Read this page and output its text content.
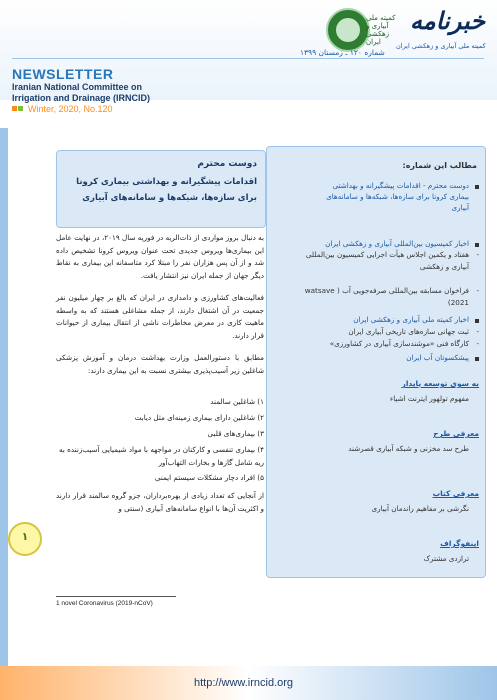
کمیته ملی آبیاری و زهکشی ایران
خبرنامه
کمیته ملی آبیاری و زهکشی ایران
شماره ۱۲۰ ـ زمستان ۱۳۹۹
NEWSLETTER
Iranian National Committee on
Irrigation and Drainage (IRNCID)
Winter, 2020, No.120
۱
مطالب این شماره:
دوست محترم - اقدامات پیشگیرانه و بهداشتی
بیماری کرونا برای سازه‌ها، شبکه‌ها و سامانه‌های
آبیاری
اخبار کمیسیون بین‌المللی آبیاری و زهکشی ایران
-
هفتاد و یکمین اجلاس هیأت اجرایی کمیسیون بین‌المللی
آبیاری و زهکشی
-
فراخوان مسابقه بین‌المللی صرفه‌جویی آب ( watsave
2021)
اخبار کمیته ملی آبیاری و زهکشی ایران
-
ثبت جهانی سازه‌های تاریخی آبیاری ایران
-
کارگاه فنی «موشندسازی آبیاری در کشاورزی»
پیشکسوتان آب ایران
به سوی توسعه پایدار
مفهوم تولهور ایترنت اشیاء
معرفی طرح
طرح سد مخزنی و شبکه آبیاری قصرشند
معرفی کتاب
نگرشی بر مفاهیم راندمان آبیاری
اینفوگراف
ترازدی مشترک
دوست محترم
اقدامات پیشگیرانه و بهداشتی بیماری کرونا
برای سازه‌ها، شبکه‌ها و سامانه‌های آبیاری
به دنبال بروز مواردی از ذات‌الریه در فوریه سال ۲۰۱۹، در نهایت عامل این بیماری‌ها ویروس جدیدی تحت عنوان ویروس کرونا تشخیص داده شد و از آن پس هزاران نفر را مبتلا کرد متاسفانه این بیماری به نقاط دیگر جهان از جمله ایران نیز انتشار یافت.
فعالیت‌های کشاورزی و دامداری در ایران که بالغ بر چهار میلیون نفر جمعیت در آن اشتغال دارند، از جمله مشاغلی هستند که به واسطه ماهیت کاری در معرض مخاطرات ناشی از انتقال بیماری از حیوانات قرار دارند.
مطابق با دستورالعمل وزارت بهداشت درمان و آموزش پزشکی شاغلین زیر آسیب‌پذیری بیشتری نسبت به این بیماری دارند:
۱) شاغلین سالمند
۲) شاغلین دارای بیماری زمینه‌ای مثل دیابت
۳) بیماری‌های قلبی
۴) بیماری تنفسی و کارکنان در مواجهه با مواد شیمیایی آسیب‌زننده به ریه شامل گازها و بخارات التهاب‌آور
۵) افراد دچار مشکلات سیستم ایمنی
از آنجایی که تعداد زیادی از بهره‌برداران، جزو گروه سالمند قرار دارند و اکثریت آن‌ها با انواع سامانه‌های آبیاری (سنتی و
1 novel Coronavirus (2019-nCoV)
http://www.irncid.org
